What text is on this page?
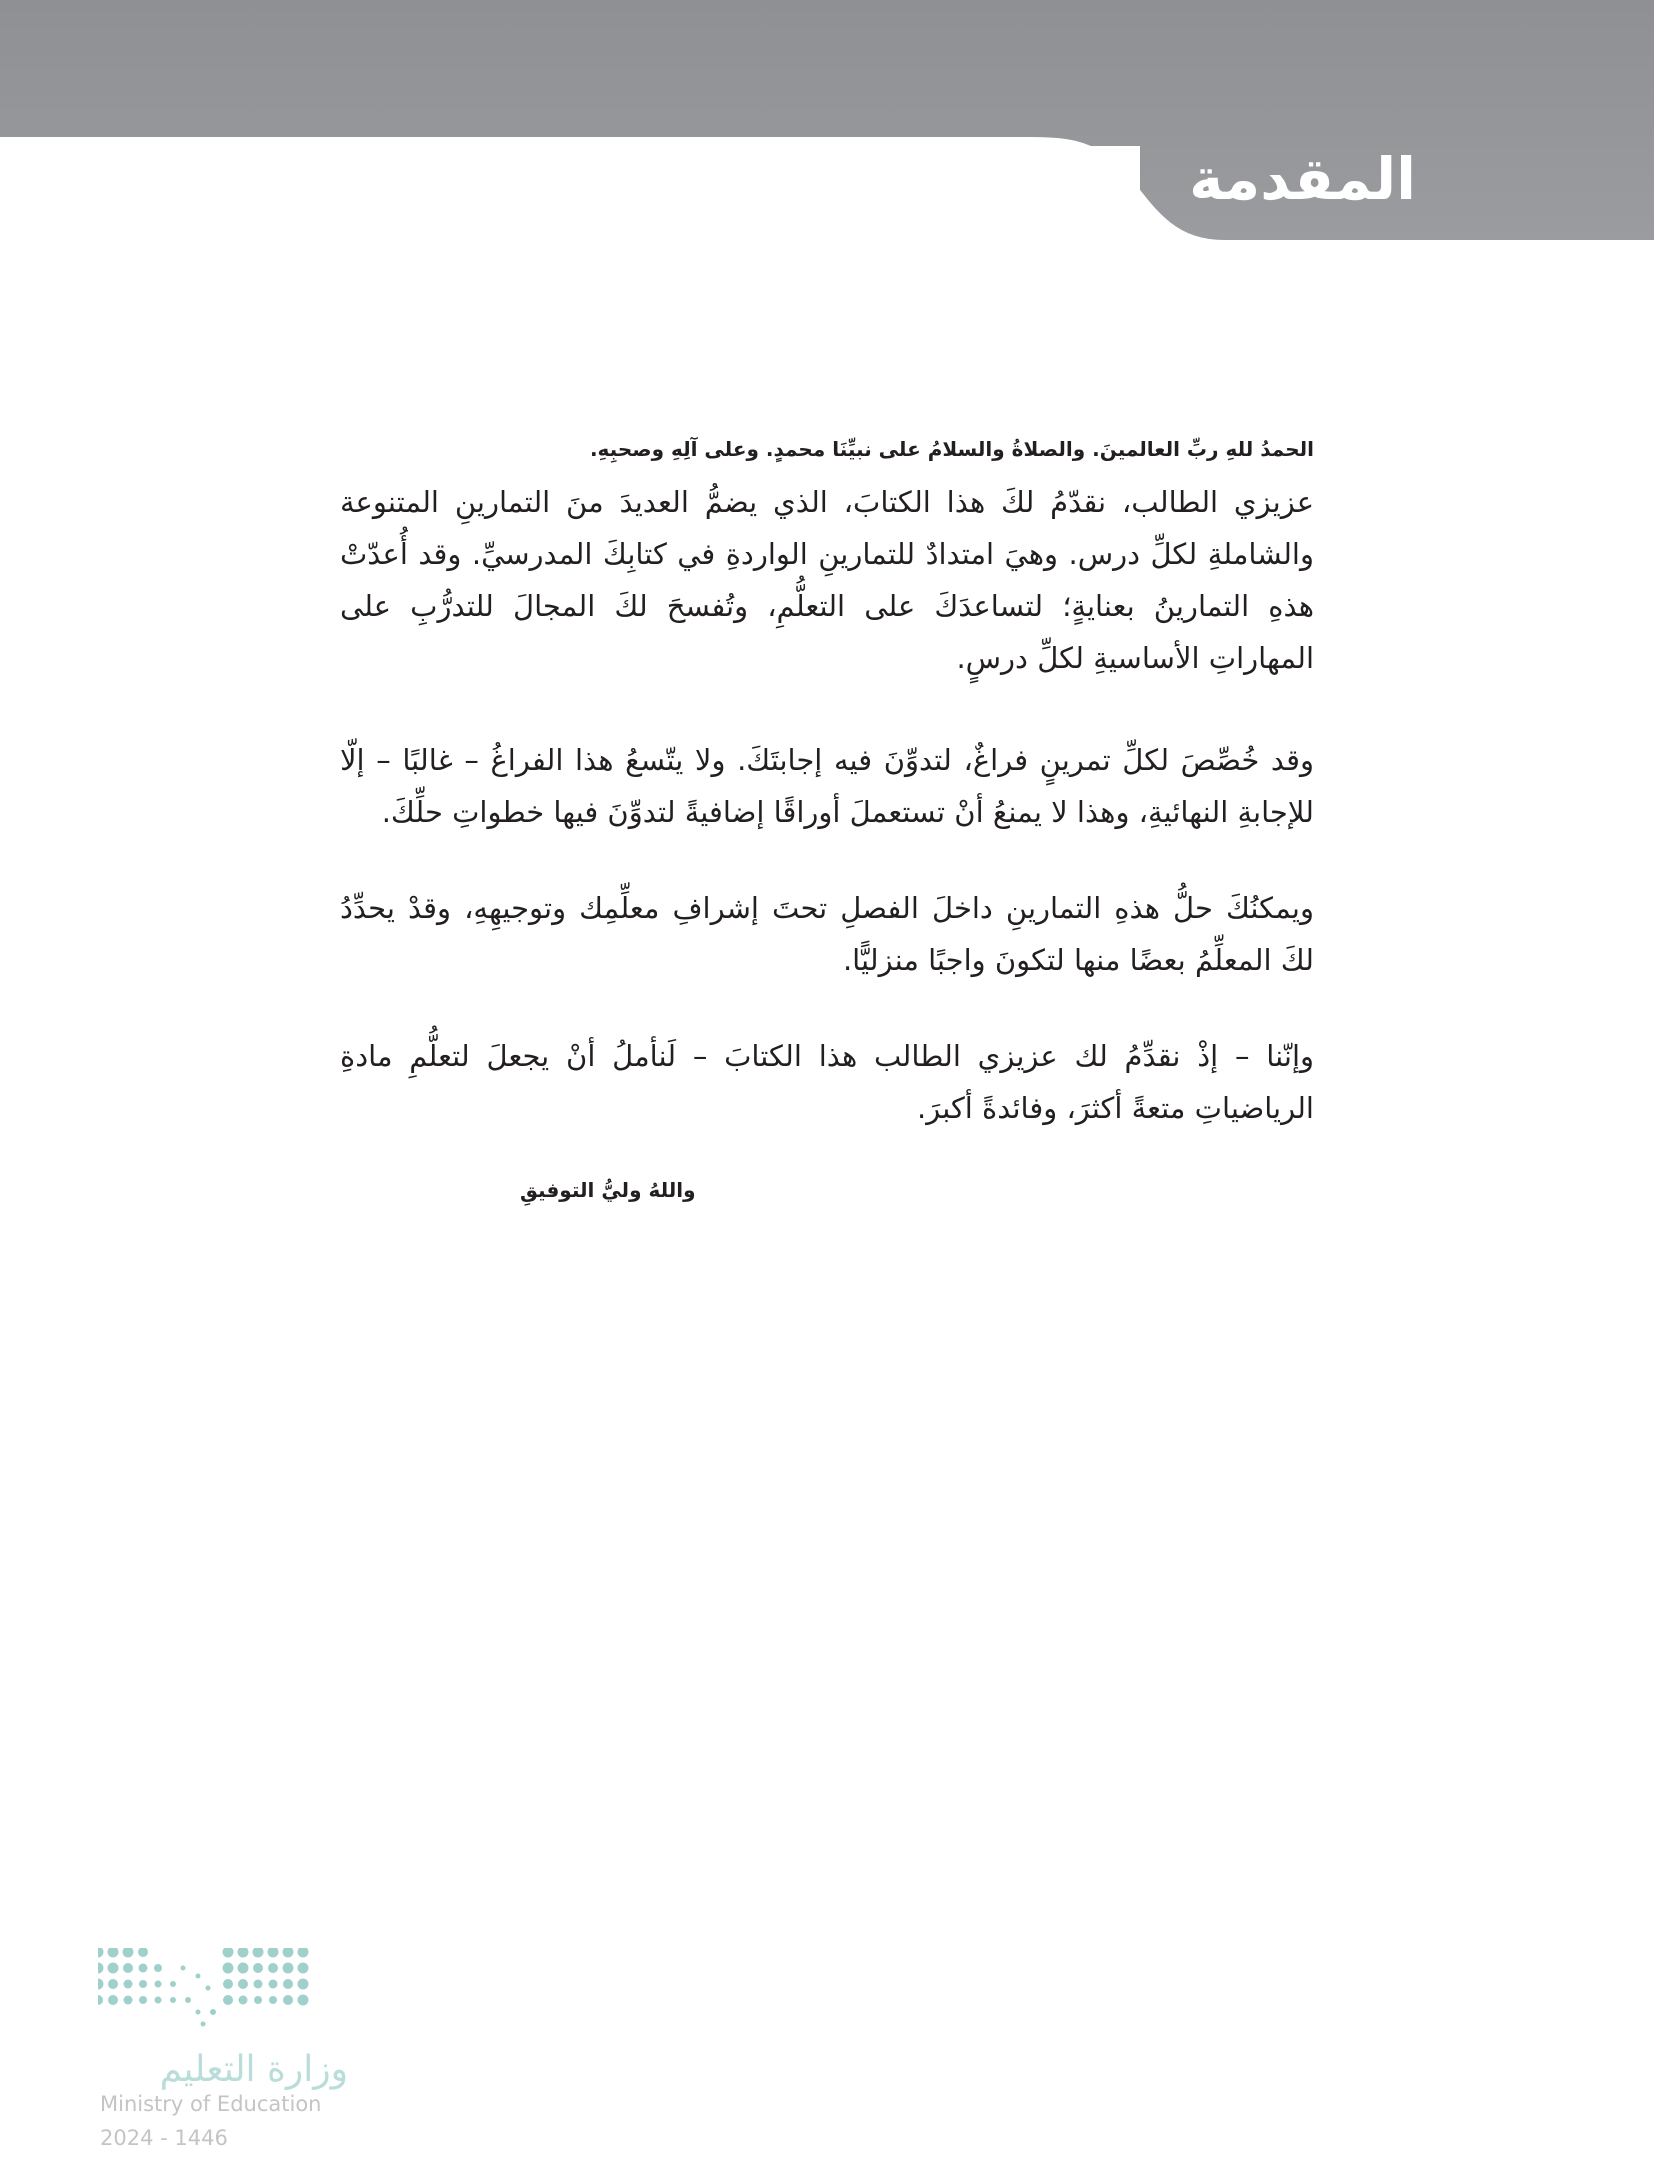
المقدمة

الحمدُ للهِ ربِّ العالمينَ. والصلاةُ والسلامُ على نبيِّنَا محمدٍ. وعلى آلِهِ وصحبِهِ.

عزيزي الطالب، نقدّمُ لكَ هذا الكتابَ، الذي يضمُّ العديدَ منَ التمارينِ المتنوعة والشاملةِ لكلِّ درس. وهيَ امتدادٌ للتمارينِ الواردةِ في كتابِكَ المدرسيِّ. وقد أُعدّتْ هذهِ التمارينُ بعنايةٍ؛ لتساعدَكَ على التعلُّمِ، وتُفسحَ لكَ المجالَ للتدرُّبِ على المهاراتِ الأساسيةِ لكلِّ درسٍ.

وقد خُصِّصَ لكلِّ تمرينٍ فراغٌ، لتدوِّنَ فيه إجابتَكَ. ولا يتّسعُ هذا الفراغُ – غالبًا – إلّا للإجابةِ النهائيةِ، وهذا لا يمنعُ أنْ تستعملَ أوراقًا إضافيةً لتدوِّنَ فيها خطواتِ حلِّكَ.

ويمكنُكَ حلُّ هذهِ التمارينِ داخلَ الفصلِ تحتَ إشرافِ معلِّمِك وتوجيهِهِ، وقدْ يحدِّدُ لكَ المعلِّمُ بعضًا منها لتكونَ واجبًا منزليًّا.

وإنّنا – إذْ نقدِّمُ لك عزيزي الطالب هذا الكتابَ – لَنأملُ أنْ يجعلَ لتعلُّمِ مادةِ الرياضياتِ متعةً أكثرَ، وفائدةً أكبرَ.

واللهُ وليُّ التوفيقِ

وزارة التعليم

Ministry of Education

2024 - 1446
